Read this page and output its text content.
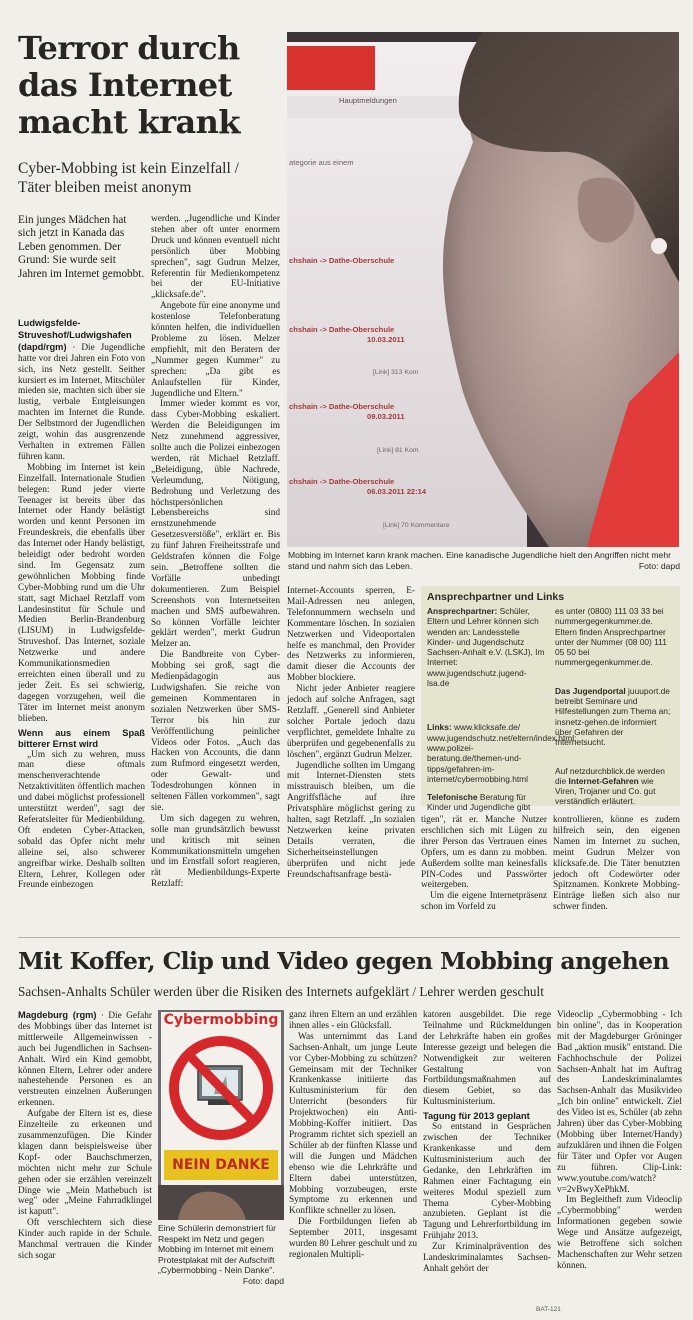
Terror durch
das Internet
macht krank
Cyber-Mobbing ist kein Einzelfall /
Täter bleiben meist anonym
Ein junges Mädchen hat sich jetzt in Kanada das Leben genommen. Der Grund: Sie wurde seit Jahren im Internet gemobbt.
Hauptmeldungen
ategorie aus einem
chshain -> Dathe-Oberschule
chshain -> Dathe-Oberschule
10.03.2011
[Link] 313 Kom
chshain -> Dathe-Oberschule
09.03.2011
[Link] 81 Kom
chshain -> Dathe-Oberschule
06.03.2011 22:14
[Link] 70 Kommentare
Mobbing im Internet kann krank machen. Eine kanadische Jugendliche hielt den Angriffen nicht mehr stand und nahm sich das Leben.	Foto: dapd

Ludwigsfelde-Struveshof/Ludwigshafen (dapd/rgm) · Die Jugendliche hatte vor drei Jahren ein Foto von sich, ins Netz gestellt. Seither kursiert es im Internet, Mitschüler mieden sie, machten sich über sie lustig, verbale Entgleisungen machten im Internet die Runde. Der Selbstmord der Jugendlichen zeigt, wohin das ausgrenzende Verhalten in extremen Fällen führen kann.

Mobbing im Internet ist kein Einzelfall. Internationale Studien belegen: Rund jeder vierte Teenager ist bereits über das Internet oder Handy belästigt worden und kennt Personen im Freundeskreis, die ebenfalls über das Internet oder Handy belästigt, beleidigt oder bedroht worden sind. Im Gegensatz zum gewöhnlichen Mobbing finde Cyber-Mobbing rund um die Uhr statt, sagt Michael Retzlaff vom Landesinstitut für Schule und Medien Berlin-Brandenburg (LISUM) in Ludwigsfelde-Struveshof. Das Internet, soziale Netzwerke und andere Kommunikationsmedien erreichten einen überall und zu jeder Zeit. Es sei schwierig, dagegen vorzugehen, weil die Täter im Internet meist anonym blieben.

Wenn aus einem Spaß bitterer Ernst wird

„Um sich zu wehren, muss man diese oftmals menschenverachtende Netzaktivitäten öffentlich machen und dabei möglichst professionell unterstützt werden", sagt der Referatsleiter für Medienbildung. Oft endeten Cyber-Attacken, sobald das Opfer nicht mehr alleine sei, also schwerer angreifbar wirke. Deshalb sollten Eltern, Lehrer, Kollegen oder Freunde einbezogen

werden. „Jugendliche und Kinder stehen aber oft unter enormem Druck und können eventuell nicht persönlich über Mobbing sprechen", sagt Gudrun Melzer, Referentin für Medienkompetenz bei der EU-Initiative „klicksafe.de".

Angebote für eine anonyme und kostenlose Telefonberatung könnten helfen, die individuellen Probleme zu lösen. Melzer empfiehlt, mit den Beratern der „Nummer gegen Kummer" zu sprechen: „Da gibt es Anlaufstellen für Kinder, Jugendliche und Eltern."

Immer wieder kommt es vor, dass Cyber-Mobbing eskaliert. Werden die Beleidigungen im Netz zunehmend aggressiver, sollte auch die Polizei einbezogen werden, rät Michael Retzlaff. „Beleidigung, üble Nachrede, Verleumdung, Nötigung, Bedrohung und Verletzung des höchstpersönlichen Lebensbereichs sind ernstzunehmende Gesetzesverstöße", erklärt er. Bis zu fünf Jahren Freiheitsstrafe und Geldstrafen können die Folge sein. „Betroffene sollten die Vorfälle unbedingt dokumentieren. Zum Beispiel Screenshots von Internetseiten machen und SMS aufbewahren. So können Vorfälle leichter geklärt werden", merkt Gudrun Melzer an.

Die Bandbreite von Cyber-Mobbing sei groß, sagt die Medienpädagogin aus Ludwigshafen. Sie reiche von gemeinen Kommentaren in sozialen Netzwerken über SMS-Terror bis hin zur Veröffentlichung peinlicher Videos oder Fotos. „Auch das Hacken von Accounts, die dann zum Rufmord eingesetzt werden, oder Gewalt- und Todesdrohungen können in seltenen Fällen vorkommen", sagt sie.

Um sich dagegen zu wehren, solle man grundsätzlich bewusst und kritisch mit seinen Kommunikationsmitteln umgehen und im Ernstfall sofort reagieren, rät Medienbildungs-Experte Retzlaff:

Internet-Accounts sperren, E-Mail-Adressen neu anlegen, Telefonnummern wechseln und Kommentare löschen. In sozialen Netzwerken und Videoportalen helfe es manchmal, den Provider des Netzwerks zu informieren, damit dieser die Accounts der Mobber blockiere.

Nicht jeder Anbieter reagiere jedoch auf solche Anfragen, sagt Retzlaff. „Generell sind Anbieter solcher Portale jedoch dazu verpflichtet, gemeldete Inhalte zu überprüfen und gegebenenfalls zu löschen", ergänzt Gudrun Melzer.

Jugendliche sollten im Umgang mit Internet-Diensten stets misstrauisch bleiben, um die Angriffsfläche auf ihre Privatsphäre möglichst gering zu halten, sagt Retzlaff. „In sozialen Netzwerken keine privaten Details verraten, die Sicherheitseinstellungen überprüfen und nicht jede Freundschaftsanfrage bestä-

Ansprechpartner und Links
Ansprechpartner: Schüler, Eltern und Lehrer können sich wenden an: Landesstelle Kinder- und Jugendschutz Sachsen-Anhalt e.V. (LSKJ), Im Internet: www.jugendschutz.jugend-lsa.de
Links: www.klicksafe.de/ www.jugendschutz.net/eltern/index.html; www.polizei-beratung.de/themen-und-tipps/gefahren-im-internet/cybermobbing.html
Telefonische Beratung für Kinder und Jugendliche gibt
es unter (0800) 111 03 33 bei nummergegenkummer.de. Eltern finden Ansprechpartner unter der Nummer (08 00) 111 05 50 bei nummergegenkummer.de.
Das Jugendportal juuuport.de betreibt Seminare und Hilfestellungen zum Thema an; insnetz-gehen.de informiert über Gefahren der Internetsucht.
Auf netzdurchblick.de werden die Internet-Gefahren wie Viren, Trojaner und Co. gut verständlich erläutert.

tigen", rät er. Manche Nutzer erschlichen sich mit Lügen zu ihrer Person das Vertrauen eines Opfers, um es dann zu mobben. Außerdem sollte man keinesfalls PIN-Codes und Passwörter weitergeben.

Um die eigene Internetpräsenz schon im Vorfeld zu

kontrollieren, könne es zudem hilfreich sein, den eigenen Namen im Internet zu suchen, meint Gudrun Melzer von klicksafe.de. Die Täter benutzten jedoch oft Codewörter oder Spitznamen. Konkrete Mobbing-Einträge ließen sich also nur schwer finden.

Mit Koffer, Clip und Video gegen Mobbing angehen
Sachsen-Anhalts Schüler werden über die Risiken des Internets aufgeklärt / Lehrer werden geschult

Magdeburg (rgm) · Die Gefahr des Mobbings über das Internet ist mittlerweile Allgemeinwissen - auch bei Jugendlichen in Sachsen-Anhalt. Wird ein Kind gemobbt, können Eltern, Lehrer oder andere nahestehende Personen es an verstreuten einzelnen Äußerungen erkennen.

Aufgabe der Eltern ist es, diese Einzelteile zu erkennen und zusammenzufügen. Die Kinder klagen dann beispielsweise über Kopf- oder Bauchschmerzen, möchten nicht mehr zur Schule gehen oder sie erzählen vereinzelt Dinge wie „Mein Mathebuch ist weg" oder „Meine Fahrradklingel ist kaputt".

Oft verschlechtern sich diese Kinder auch rapide in der Schule. Manchmal vertrauen die Kinder sich sogar

Cybermobbing
NEIN DANKE
Eine Schülerin demonstriert für Respekt im Netz und gegen Mobbing im Internet mit einem Protestplakat mit der Aufschrift „Cybermobbing - Nein Danke".
Foto: dapd

ganz ihren Eltern an und erzählen ihnen alles - ein Glücksfall.

Was unternimmt das Land Sachsen-Anhalt, um junge Leute vor Cyber-Mobbing zu schützen? Gemeinsam mit der Techniker Krankenkasse initiierte das Kultusministerium für den Unterricht (besonders für Projektwochen) ein Anti-Mobbing-Koffer initiiert. Das Programm richtet sich speziell an Schüler ab der fünften Klasse und will die Jungen und Mädchen ebenso wie die Lehrkräfte und Eltern dabei unterstützen, Mobbing vorzubeugen, erste Symptome zu erkennen und Konflikte schneller zu lösen.

Die Fortbildungen liefen ab September 2011, insgesamt wurden 80 Lehrer geschult und zu regionalen Multipli-

katoren ausgebildet. Die rege Teilnahme und Rückmeldungen der Lehrkräfte haben ein großes Interesse gezeigt und belegen die Notwendigkeit zur weiteren Gestaltung von Fortbildungsmaßnahmen auf diesem Gebiet, so das Kultusministerium.

Tagung für 2013 geplant

So entstand in Gesprächen zwischen der Techniker Krankenkasse und dem Kultusministerium auch der Gedanke, den Lehrkräften im Rahmen einer Fachtagung ein weiteres Modul speziell zum Thema Cyber-Mobbing anzubieten. Geplant ist die Tagung und Lehrerfortbildung im Frühjahr 2013.

Zur Kriminalprävention des Landeskriminalamtes Sachsen-Anhalt gehört der

Videoclip „Cybermobbing - Ich bin online", das in Kooperation mit der Magdeburger Gröninger Bad „aktion musik" entstand. Die Fachhochschule der Polizei Sachsen-Anhalt hat im Auftrag des Landeskriminalamtes Sachsen-Anhalt das Musikvideo „Ich bin online" entwickelt. Ziel des Video ist es, Schüler (ab zehn Jahren) über das Cyber-Mobbing (Mobbing über Internet/Handy) aufzuklären und ihnen die Folgen für Täter und Opfer vor Augen zu führen. Clip-Link: www.youtube.com/watch?v=2vBwyXePhkM.

Im Begleitheft zum Videoclip „Cybermobbing" werden Informationen gegeben sowie Wege und Ansätze aufgezeigt, wie Betroffene sich solchen Machenschaften zur Wehr setzen können.

BAT-121
